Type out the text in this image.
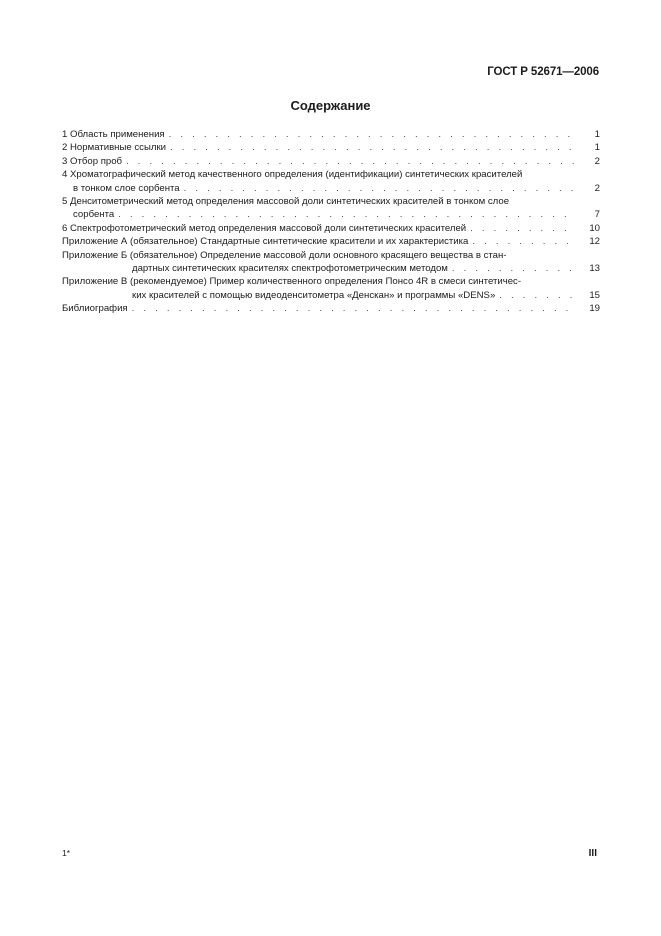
ГОСТ Р 52671—2006
Содержание
1 Область применения . . .	1
2 Нормативные ссылки . . .	1
3 Отбор проб . . .	2
4 Хроматографический метод качественного определения (идентификации) синтетических красителей
в тонком слое сорбента . . .	2
5 Денситометрический метод определения массовой доли синтетических красителей в тонком слое
сорбента . . .	7
6 Спектрофотометрический метод определения массовой доли синтетических красителей . . .	10
Приложение А (обязательное) Стандартные синтетические красители и их характеристика . . .	12
Приложение Б (обязательное) Определение массовой доли основного красящего вещества в стан-
дартных синтетических красителях спектрофотометрическим методом . . .	13
Приложение В (рекомендуемое) Пример количественного определения Понсо 4R в смеси синтетичес-
ких красителей с помощью видеоденситометра «Денскан» и программы «DENS» . . .	15
Библиография . . .	19
1*	III
